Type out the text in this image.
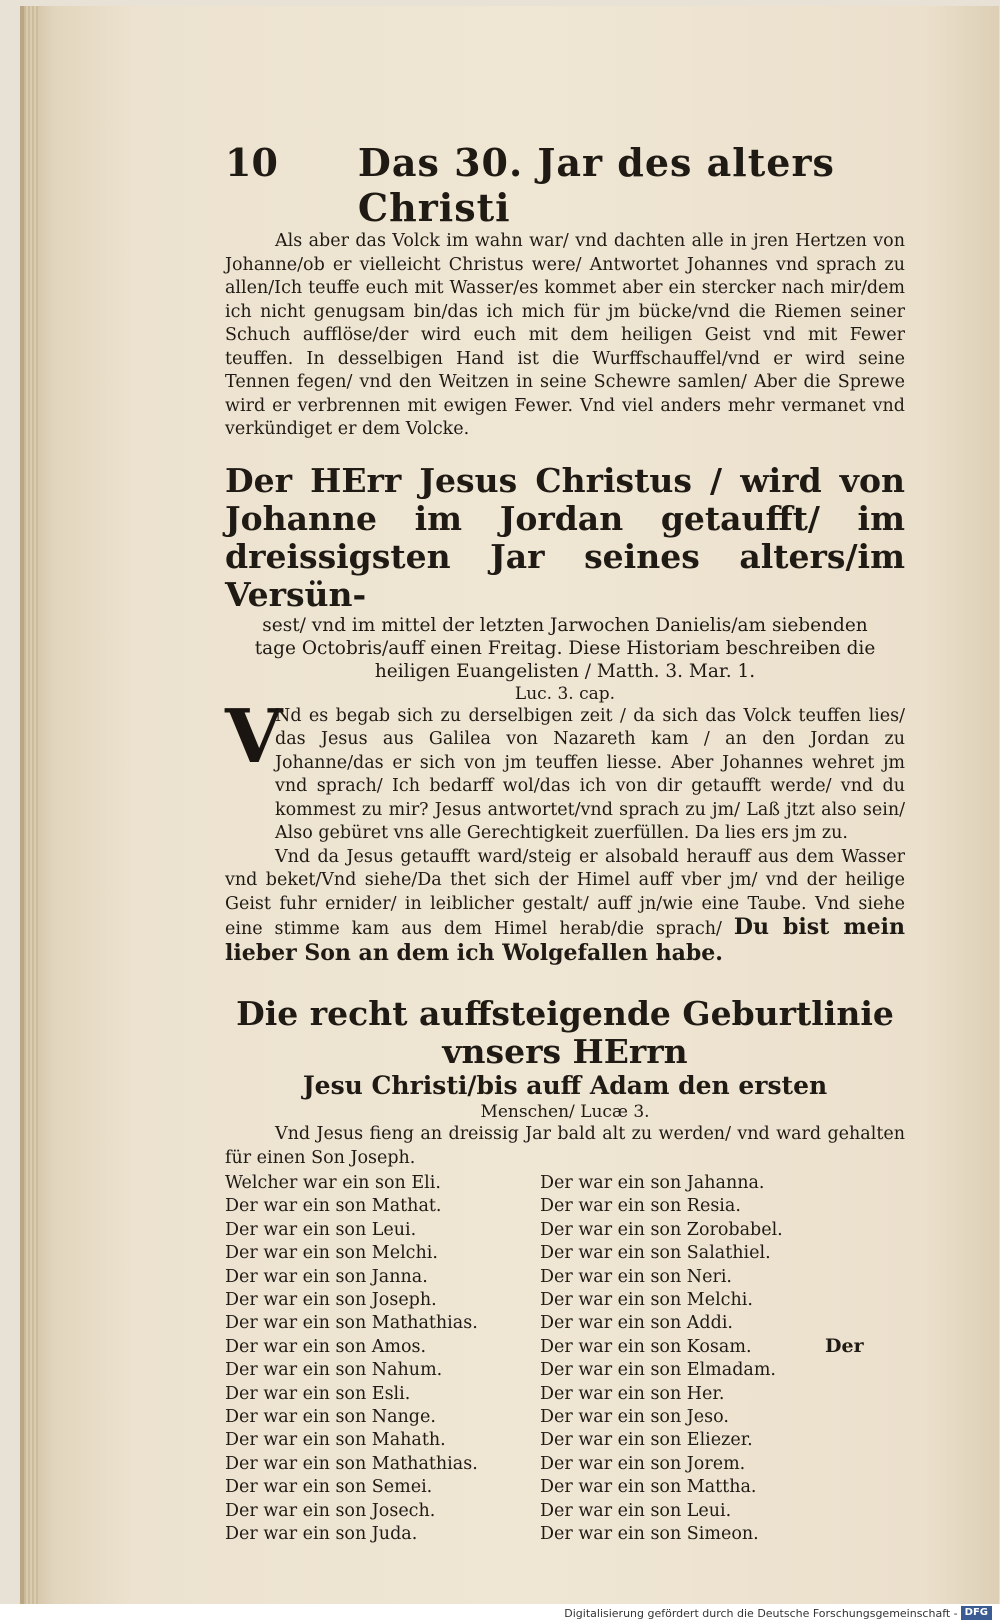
10 Das 30. Jar des alters Christi

Als aber das Volck im wahn war/ vnd dachten alle in jren Hertzen von Johanne/ob er vielleicht Christus were/ Antwortet Johannes vnd sprach zu allen/Ich teuffe euch mit Wasser/es kommet aber ein stercker nach mir/dem ich nicht genugsam bin/das ich mich für jm bücke/vnd die Riemen seiner Schuch aufflöse/der wird euch mit dem heiligen Geist vnd mit Fewer teuffen. In desselbigen Hand ist die Wurffschauffel/vnd er wird seine Tennen fegen/ vnd den Weitzen in seine Schewre samlen/ Aber die Sprewe wird er verbrennen mit ewigen Fewer. Vnd viel anders mehr vermanet vnd verkündiget er dem Volcke.

Der HErr Jesus Christus / wird von Johanne im Jordan getaufft/ im dreissigsten Jar seines alters/im Versün-
sest/ vnd im mittel der letzten Jarwochen Danielis/am siebenden tage Octobris/auff einen Freitag. Diese Historiam beschreiben die heiligen Euangelisten / Matth. 3. Mar. 1.
Luc. 3. cap.
V

Nd es begab sich zu derselbigen zeit / da sich das Volck teuffen lies/ das Jesus aus Galilea von Nazareth kam / an den Jordan zu Johanne/das er sich von jm teuffen liesse. Aber Johannes wehret jm vnd sprach/ Ich bedarff wol/das ich von dir getaufft werde/ vnd du kommest zu mir? Jesus antwortet/vnd sprach zu jm/ Laß jtzt also sein/ Also gebüret vns alle Gerechtigkeit zuerfüllen. Da lies ers jm zu.

Vnd da Jesus getaufft ward/steig er alsobald herauff aus dem Wasser vnd beket/Vnd siehe/Da thet sich der Himel auff vber jm/ vnd der heilige Geist fuhr ernider/ in leiblicher gestalt/ auff jn/wie eine Taube. Vnd siehe eine stimme kam aus dem Himel herab/die sprach/ Du bist mein lieber Son an dem ich Wolgefallen habe.

Die recht auffsteigende Geburtlinie vnsers HErrn
Jesu Christi/bis auff Adam den ersten
Menschen/ Lucæ 3.

Vnd Jesus fieng an dreissig Jar bald alt zu werden/ vnd ward gehalten für einen Son Joseph.

Welcher war ein son Eli.
Der war ein son Mathat.
Der war ein son Leui.
Der war ein son Melchi.
Der war ein son Janna.
Der war ein son Joseph.
Der war ein son Mathathias.
Der war ein son Amos.
Der war ein son Nahum.
Der war ein son Esli.
Der war ein son Nange.
Der war ein son Mahath.
Der war ein son Mathathias.
Der war ein son Semei.
Der war ein son Josech.
Der war ein son Juda.
Der war ein son Jahanna.
Der war ein son Resia.
Der war ein son Zorobabel.
Der war ein son Salathiel.
Der war ein son Neri.
Der war ein son Melchi.
Der war ein son Addi.
Der war ein son Kosam.
Der war ein son Elmadam.
Der war ein son Her.
Der war ein son Jeso.
Der war ein son Eliezer.
Der war ein son Jorem.
Der war ein son Mattha.
Der war ein son Leui.
Der war ein son Simeon.
Der
Digitalisierung gefördert durch die Deutsche Forschungsgemeinschaft - DFG
